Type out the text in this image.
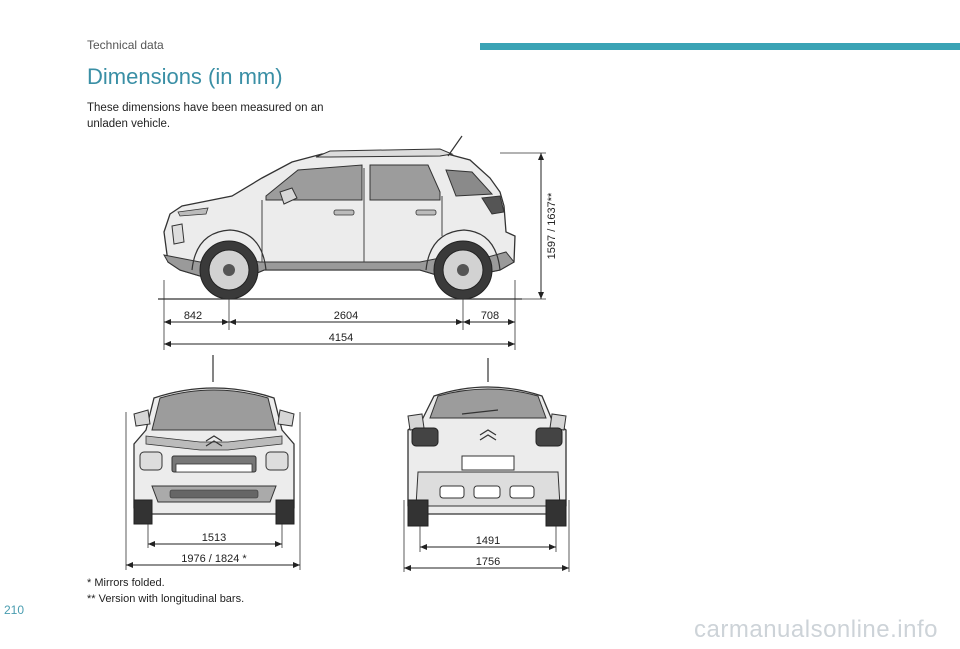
Technical data
Dimensions (in mm)
These dimensions have been measured on an unladen vehicle.
842	2604	708
4154
1597 / 1637**
1513
1976 / 1824 *
1491
1756
* Mirrors folded.
** Version with longitudinal bars.
210
carmanualsonline.info
